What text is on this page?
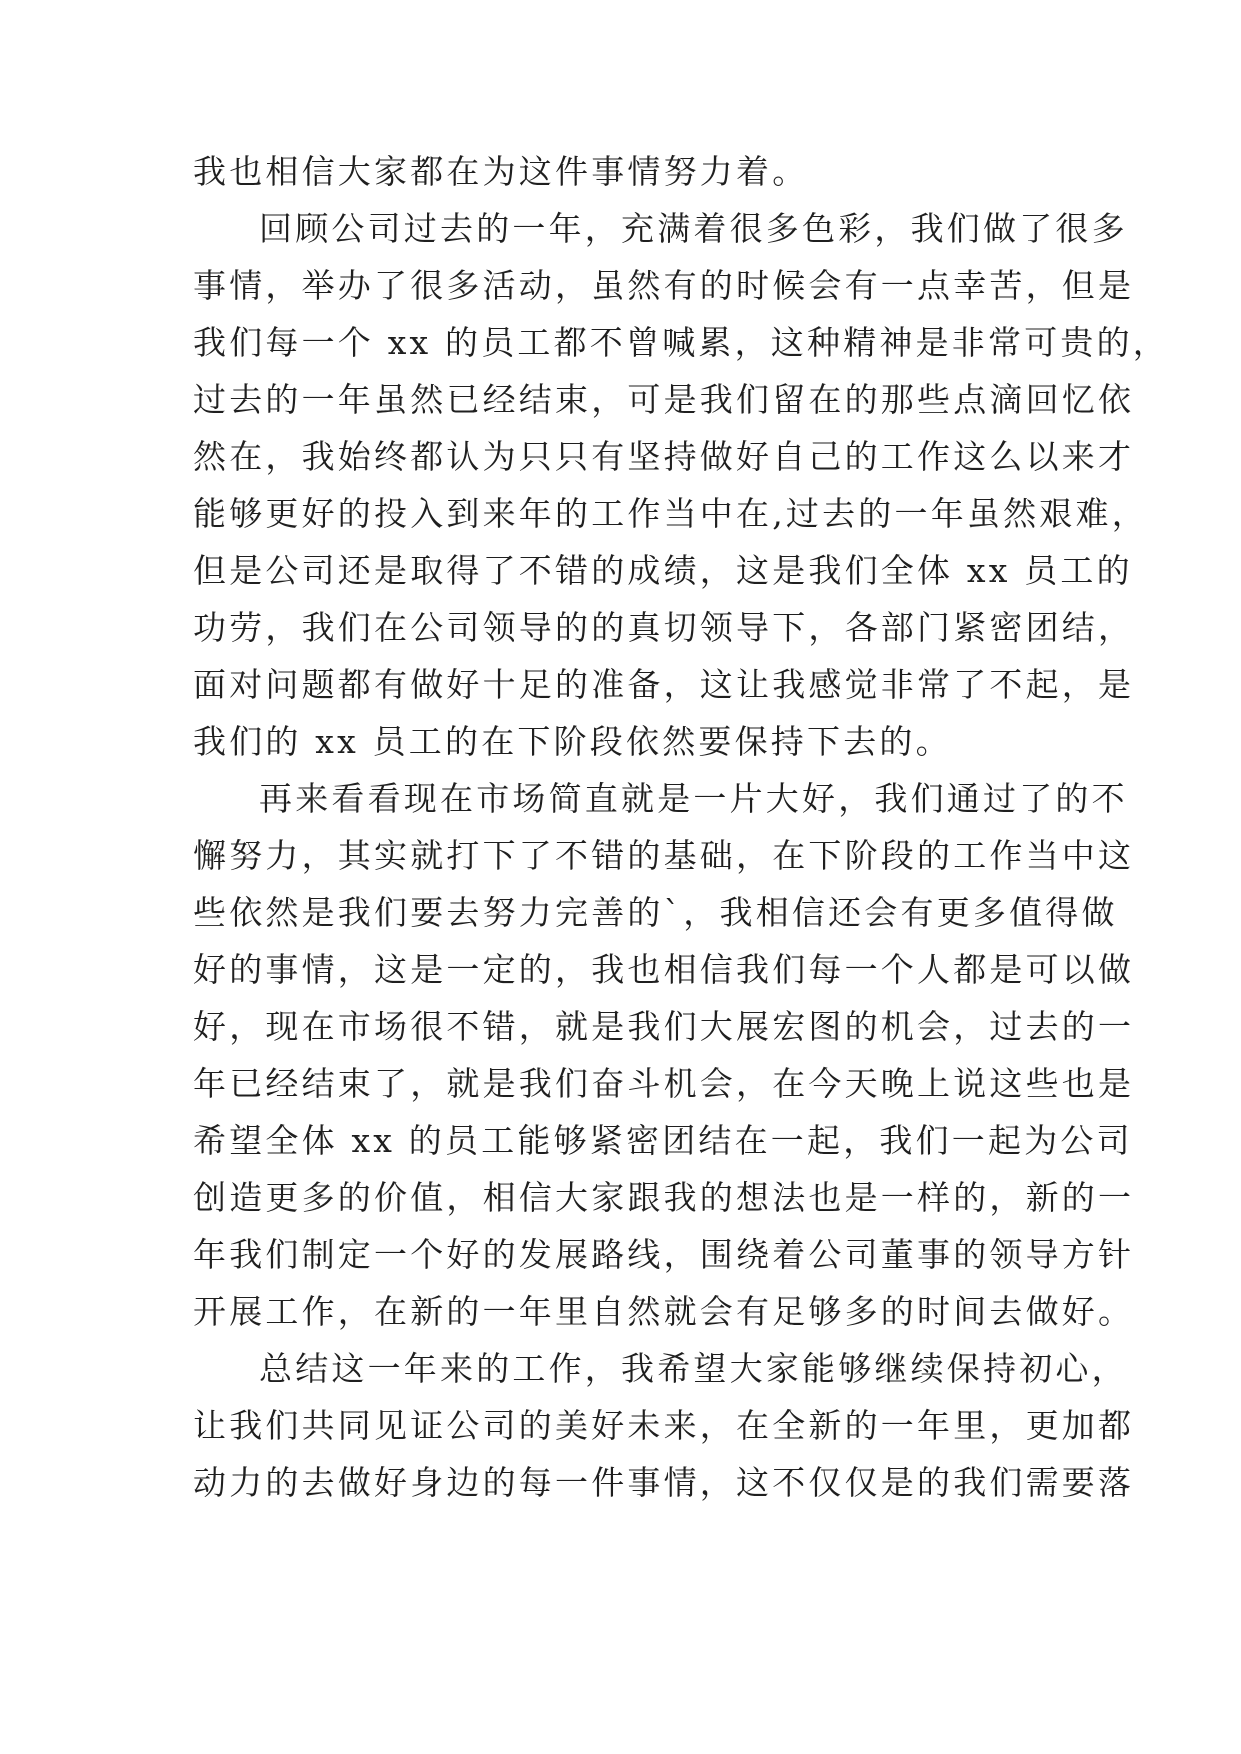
我也相信大家都在为这件事情努力着。
回顾公司过去的一年，充满着很多色彩，我们做了很多
事情，举办了很多活动，虽然有的时候会有一点幸苦，但是
我们每一个 xx 的员工都不曾喊累，这种精神是非常可贵的，
过去的一年虽然已经结束，可是我们留在的那些点滴回忆依
然在，我始终都认为只只有坚持做好自己的工作这么以来才
能够更好的投入到来年的工作当中在,过去的一年虽然艰难，
但是公司还是取得了不错的成绩，这是我们全体 xx 员工的
功劳，我们在公司领导的的真切领导下，各部门紧密团结，
面对问题都有做好十足的准备，这让我感觉非常了不起，是
我们的 xx 员工的在下阶段依然要保持下去的。
再来看看现在市场简直就是一片大好，我们通过了的不
懈努力，其实就打下了不错的基础，在下阶段的工作当中这
些依然是我们要去努力完善的`，我相信还会有更多值得做
好的事情，这是一定的，我也相信我们每一个人都是可以做
好，现在市场很不错，就是我们大展宏图的机会，过去的一
年已经结束了，就是我们奋斗机会，在今天晚上说这些也是
希望全体 xx 的员工能够紧密团结在一起，我们一起为公司
创造更多的价值，相信大家跟我的想法也是一样的，新的一
年我们制定一个好的发展路线，围绕着公司董事的领导方针
开展工作，在新的一年里自然就会有足够多的时间去做好。
总结这一年来的工作，我希望大家能够继续保持初心，
让我们共同见证公司的美好未来，在全新的一年里，更加都
动力的去做好身边的每一件事情，这不仅仅是的我们需要落
